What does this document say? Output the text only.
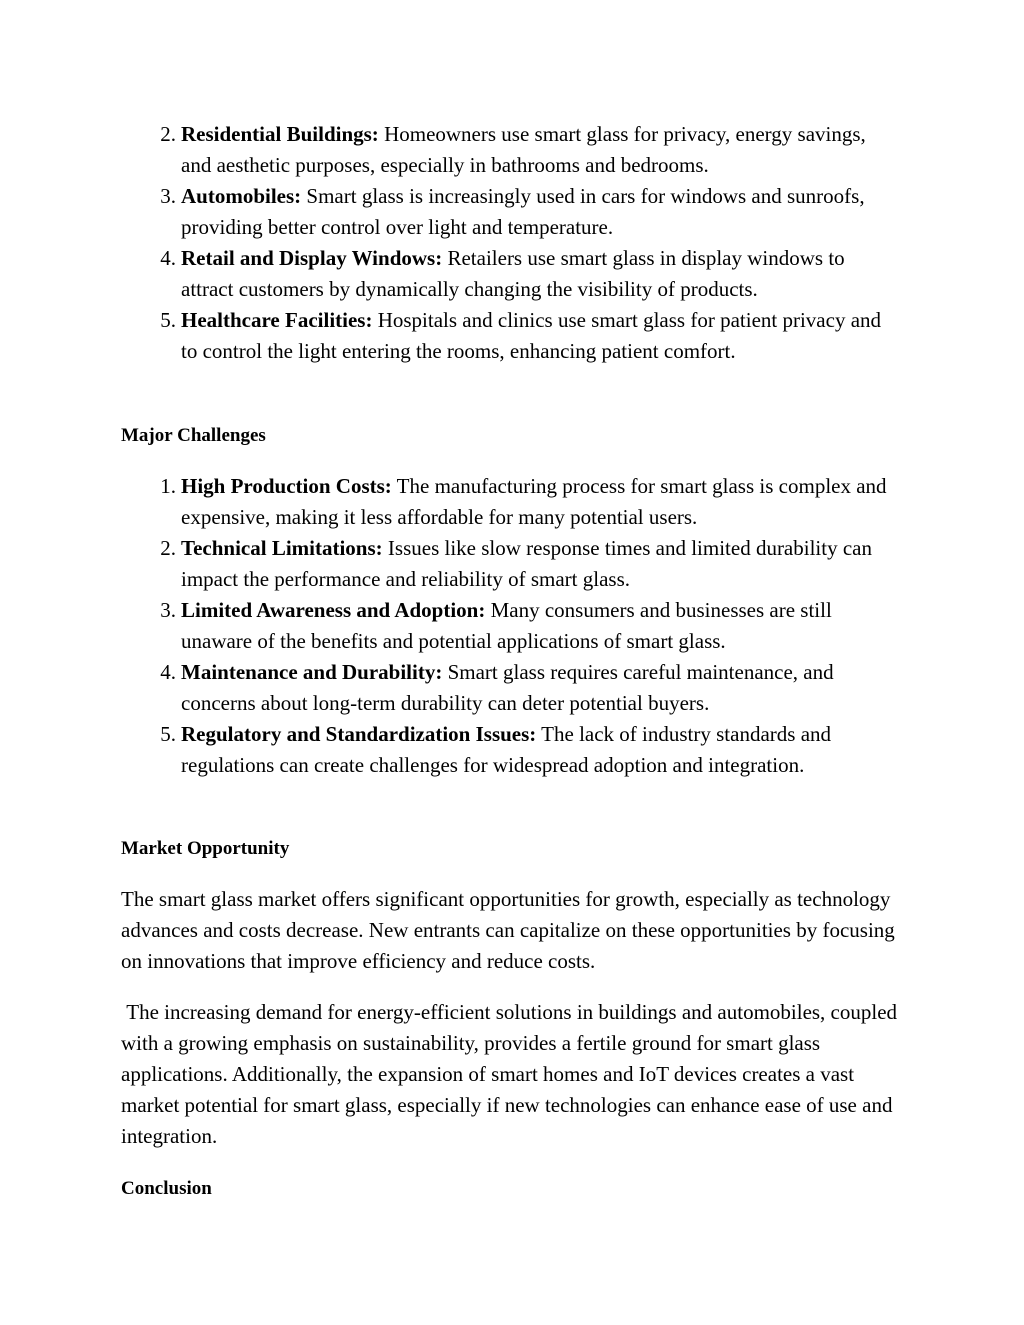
2. Residential Buildings: Homeowners use smart glass for privacy, energy savings, and aesthetic purposes, especially in bathrooms and bedrooms.
3. Automobiles: Smart glass is increasingly used in cars for windows and sunroofs, providing better control over light and temperature.
4. Retail and Display Windows: Retailers use smart glass in display windows to attract customers by dynamically changing the visibility of products.
5. Healthcare Facilities: Hospitals and clinics use smart glass for patient privacy and to control the light entering the rooms, enhancing patient comfort.
Major Challenges
1. High Production Costs: The manufacturing process for smart glass is complex and expensive, making it less affordable for many potential users.
2. Technical Limitations: Issues like slow response times and limited durability can impact the performance and reliability of smart glass.
3. Limited Awareness and Adoption: Many consumers and businesses are still unaware of the benefits and potential applications of smart glass.
4. Maintenance and Durability: Smart glass requires careful maintenance, and concerns about long-term durability can deter potential buyers.
5. Regulatory and Standardization Issues: The lack of industry standards and regulations can create challenges for widespread adoption and integration.
Market Opportunity

The smart glass market offers significant opportunities for growth, especially as technology advances and costs decrease. New entrants can capitalize on these opportunities by focusing on innovations that improve efficiency and reduce costs.

The increasing demand for energy-efficient solutions in buildings and automobiles, coupled with a growing emphasis on sustainability, provides a fertile ground for smart glass applications. Additionally, the expansion of smart homes and IoT devices creates a vast market potential for smart glass, especially if new technologies can enhance ease of use and integration.

Conclusion
